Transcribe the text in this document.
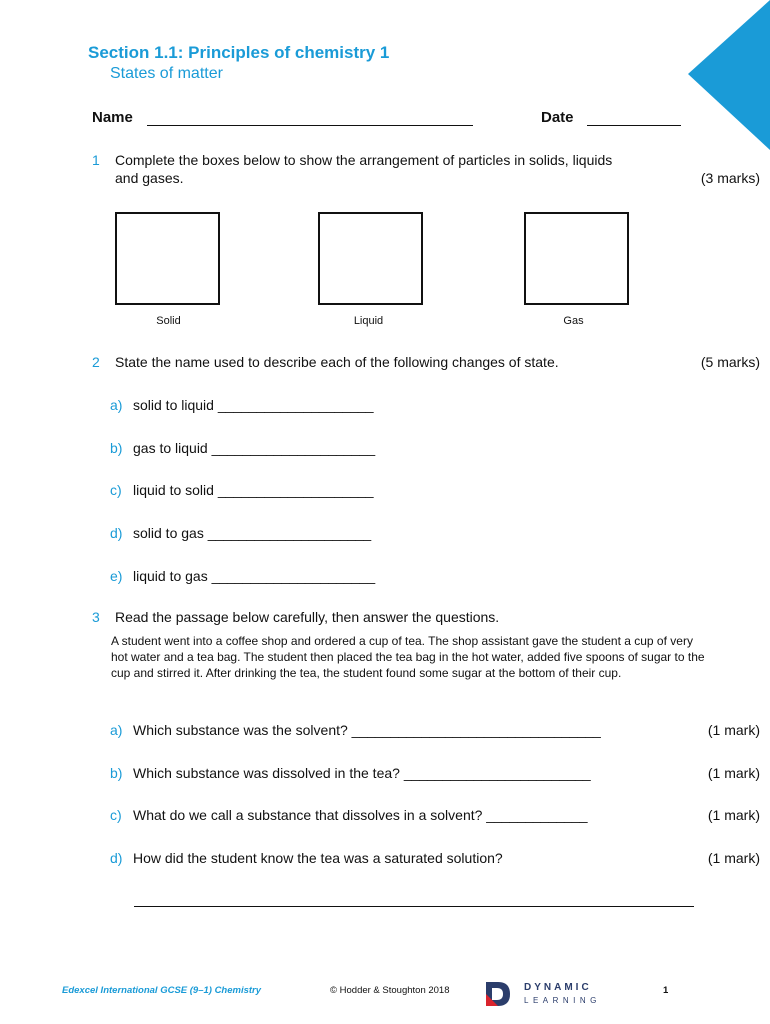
Section 1.1: Principles of chemistry 1
States of matter
Name	Date
1 Complete the boxes below to show the arrangement of particles in solids, liquids
and gases.	(3 marks)
Solid	Liquid	Gas
2 State the name used to describe each of the following changes of state.	(5 marks)
a) solid to liquid ____________________
b) gas to liquid _____________________
c) liquid to solid ____________________
d) solid to gas _____________________
e) liquid to gas _____________________
3 Read the passage below carefully, then answer the questions.
A student went into a coffee shop and ordered a cup of tea. The shop assistant gave the student a cup of very hot water and a tea bag. The student then placed the tea bag in the hot water, added five spoons of sugar to the cup and stirred it. After drinking the tea, the student found some sugar at the bottom of their cup.
a) Which substance was the solvent? ________________________________	(1 mark)
b) Which substance was dissolved in the tea? ________________________	(1 mark)
c) What do we call a substance that dissolves in a solvent? _____________	(1 mark)
d) How did the student know the tea was a saturated solution?	(1 mark)
Edexcel International GCSE (9–1) Chemistry	© Hodder & Stoughton 2018	DYNAMIC
LEARNING
1
